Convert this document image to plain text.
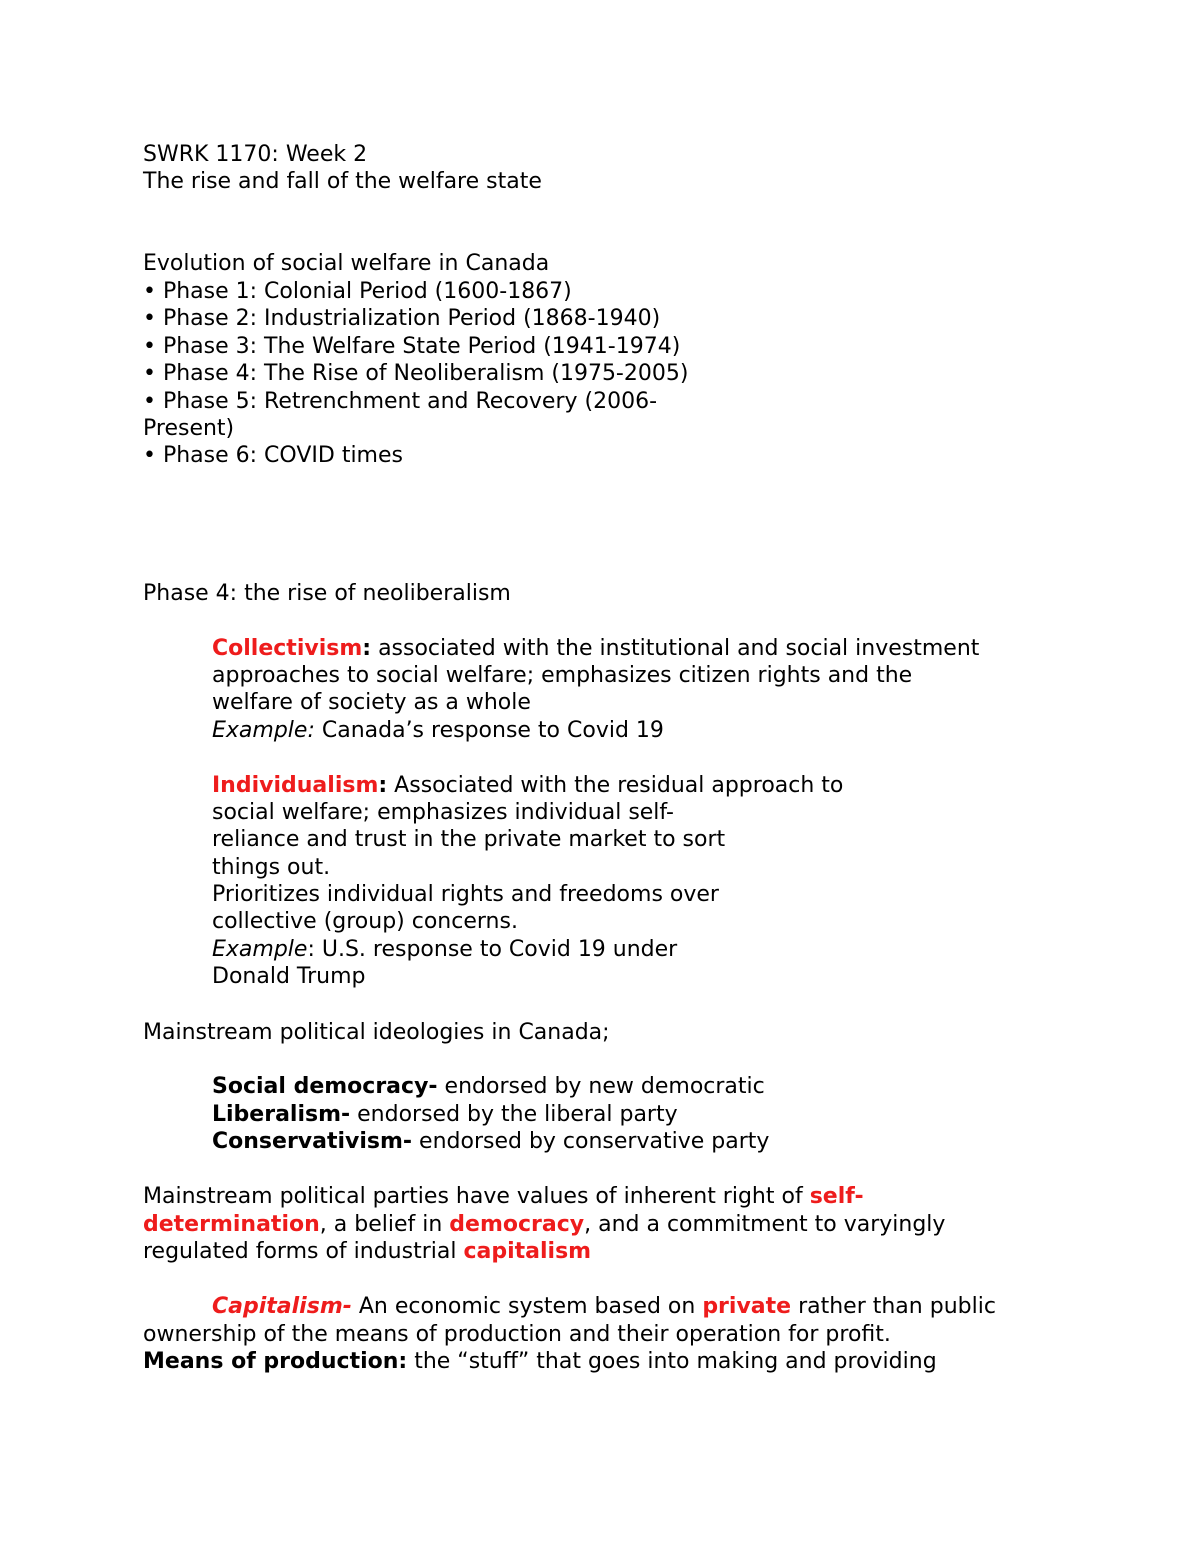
SWRK 1170: Week 2
The rise and fall of the welfare state
Evolution of social welfare in Canada
• Phase 1: Colonial Period (1600-1867)
• Phase 2: Industrialization Period (1868-1940)
• Phase 3: The Welfare State Period (1941-1974)
• Phase 4: The Rise of Neoliberalism (1975-2005)
• Phase 5: Retrenchment and Recovery (2006-
Present)
• Phase 6: COVID times
Phase 4: the rise of neoliberalism
Collectivism: associated with the institutional and social investment
approaches to social welfare; emphasizes citizen rights and the
welfare of society as a whole
Example: Canada’s response to Covid 19
Individualism: Associated with the residual approach to
social welfare; emphasizes individual self-
reliance and trust in the private market to sort
things out.
Prioritizes individual rights and freedoms over
collective (group) concerns.
Example: U.S. response to Covid 19 under
Donald Trump
Mainstream political ideologies in Canada;
Social democracy- endorsed by new democratic
Liberalism- endorsed by the liberal party
Conservativism- endorsed by conservative party
Mainstream political parties have values of inherent right of self-
determination, a belief in democracy, and a commitment to varyingly
regulated forms of industrial capitalism
Capitalism- An economic system based on private rather than public
ownership of the means of production and their operation for profit.
Means of production: the “stuff” that goes into making and providing
